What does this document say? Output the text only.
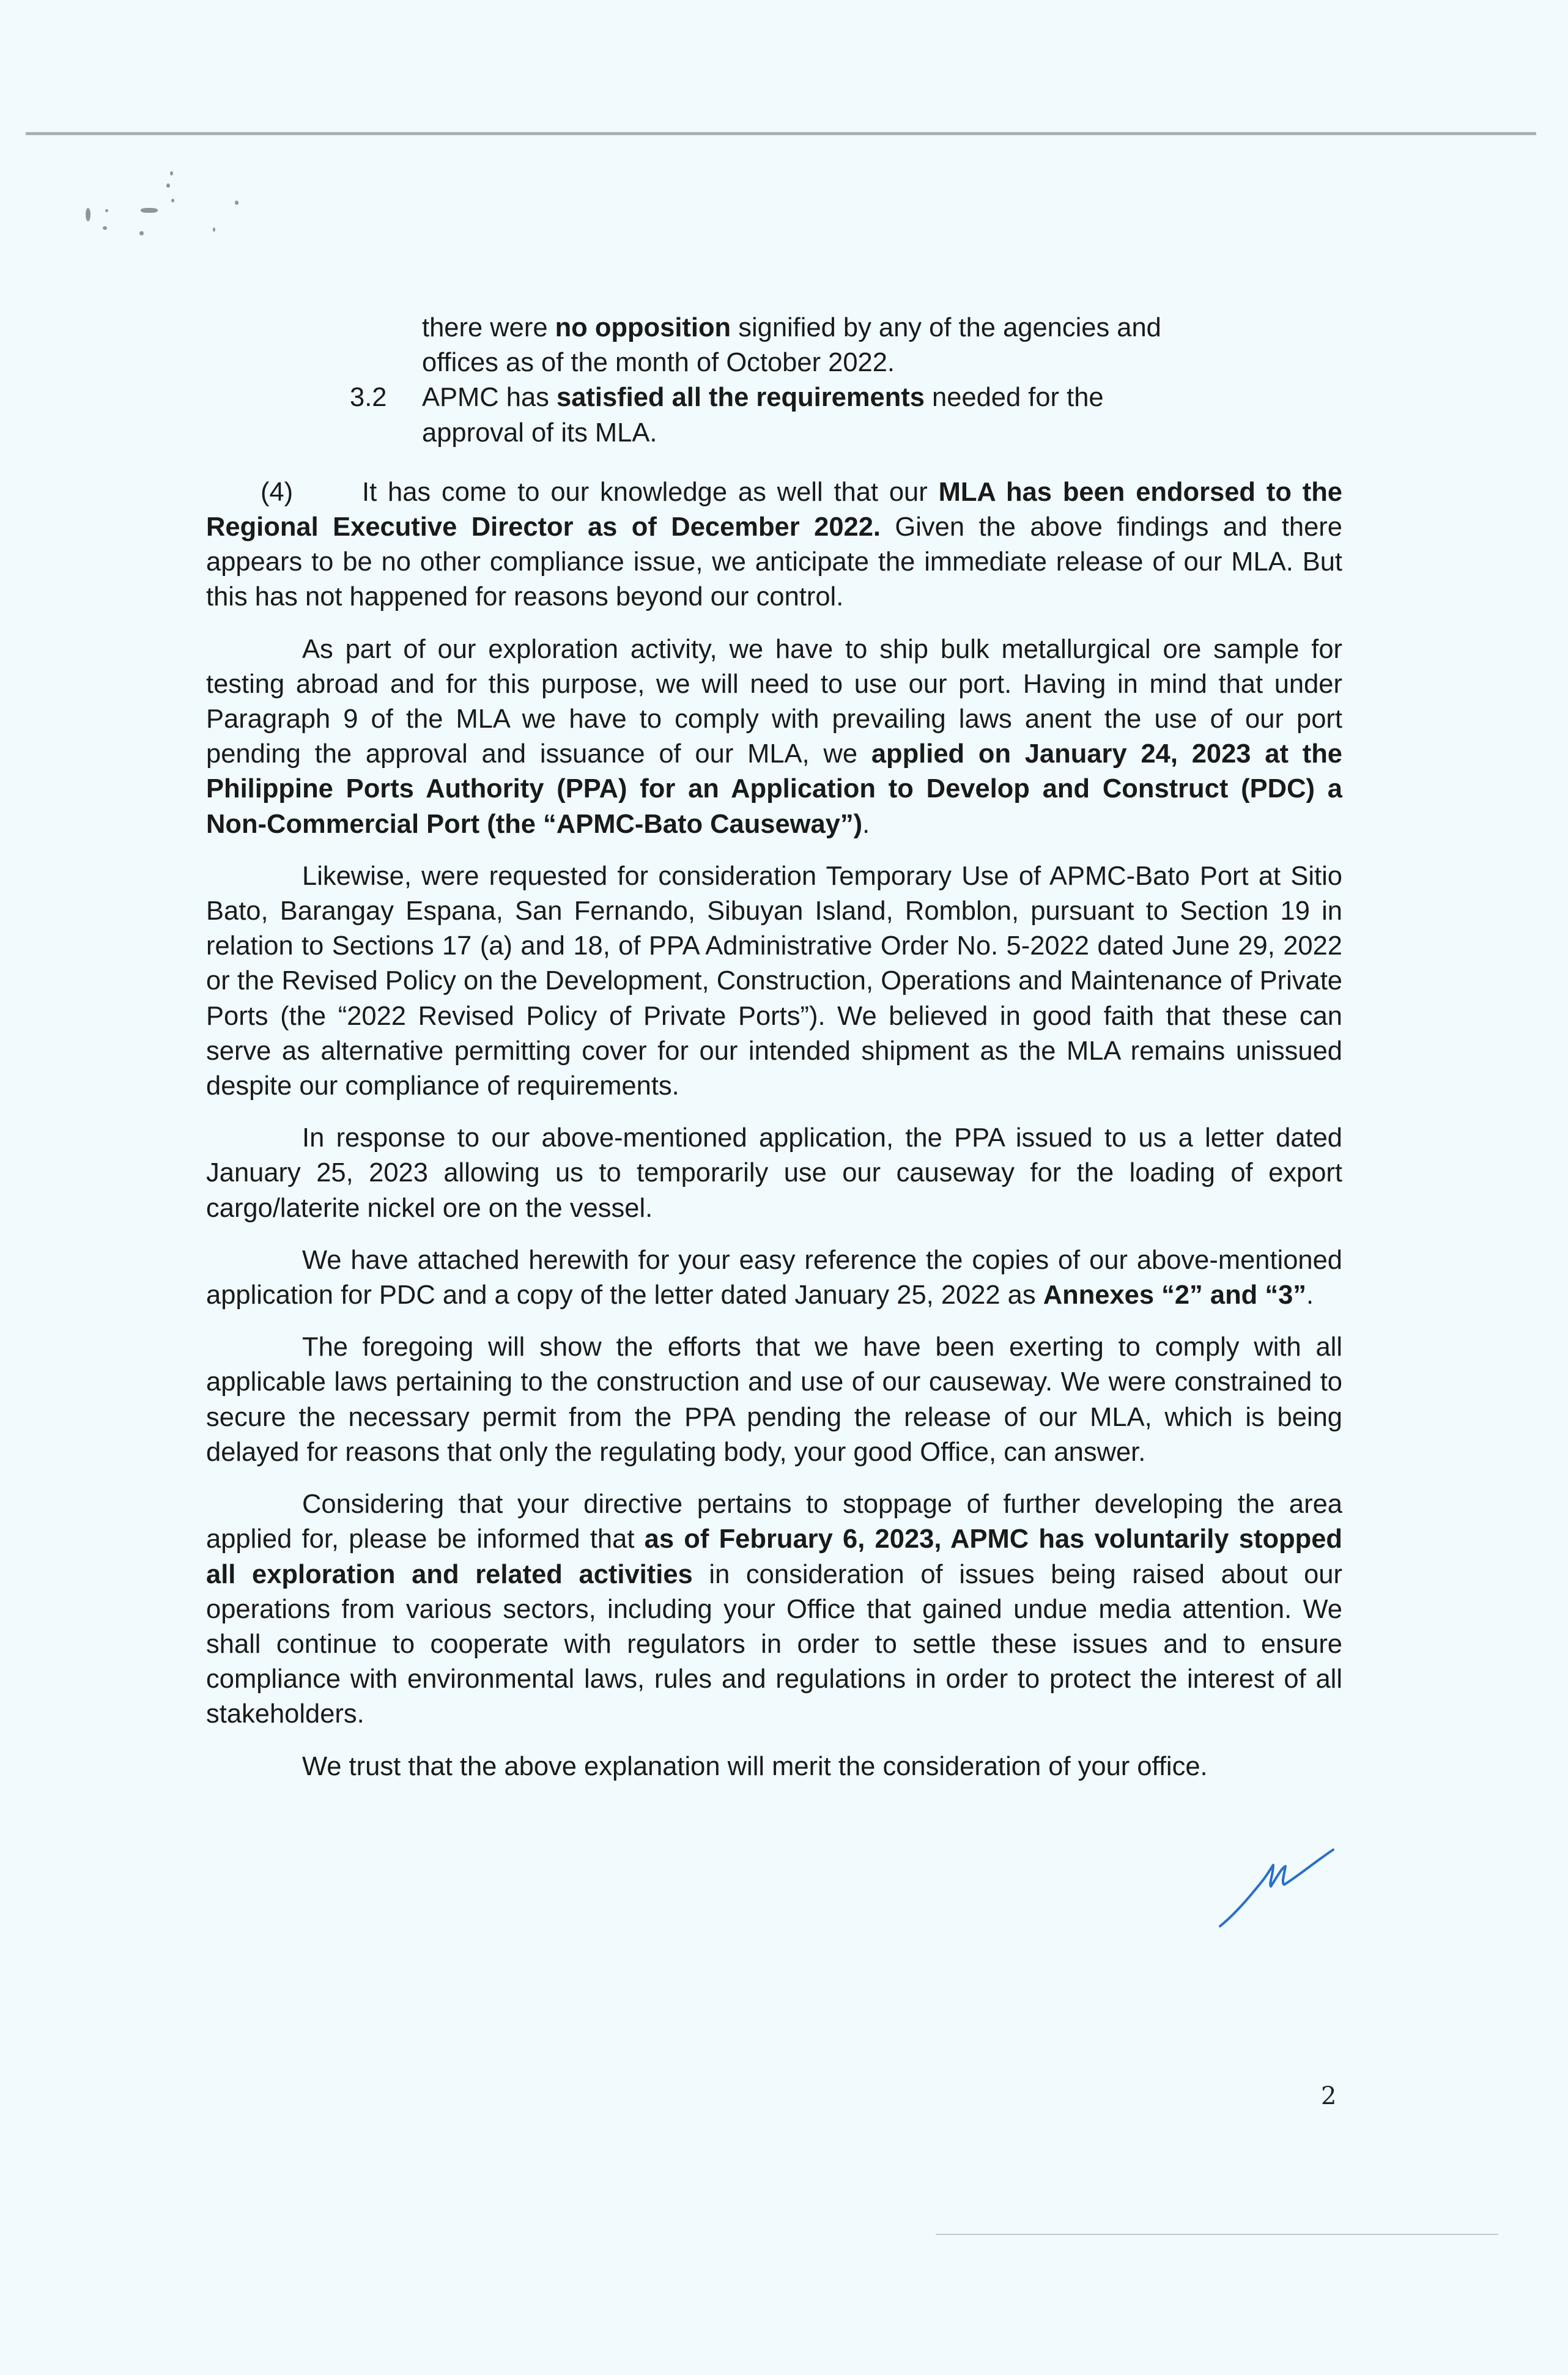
there were no opposition signified by any of the agencies and offices as of the month of October 2022.
3.2	APMC has satisfied all the requirements needed for the approval of its MLA.

(4)	It has come to our knowledge as well that our MLA has been endorsed to the Regional Executive Director as of December 2022. Given the above findings and there appears to be no other compliance issue, we anticipate the immediate release of our MLA. But this has not happened for reasons beyond our control.

As part of our exploration activity, we have to ship bulk metallurgical ore sample for testing abroad and for this purpose, we will need to use our port. Having in mind that under Paragraph 9 of the MLA we have to comply with prevailing laws anent the use of our port pending the approval and issuance of our MLA, we applied on January 24, 2023 at the Philippine Ports Authority (PPA) for an Application to Develop and Construct (PDC) a Non-Commercial Port (the “APMC-Bato Causeway”).

Likewise, were requested for consideration Temporary Use of APMC-Bato Port at Sitio Bato, Barangay Espana, San Fernando, Sibuyan Island, Romblon, pursuant to Section 19 in relation to Sections 17 (a) and 18, of PPA Administrative Order No. 5-2022 dated June 29, 2022 or the Revised Policy on the Development, Construction, Operations and Maintenance of Private Ports (the “2022 Revised Policy of Private Ports”). We believed in good faith that these can serve as alternative permitting cover for our intended shipment as the MLA remains unissued despite our compliance of requirements.

In response to our above-mentioned application, the PPA issued to us a letter dated January 25, 2023 allowing us to temporarily use our causeway for the loading of export cargo/laterite nickel ore on the vessel.

We have attached herewith for your easy reference the copies of our above-mentioned application for PDC and a copy of the letter dated January 25, 2022 as Annexes “2” and “3”.

The foregoing will show the efforts that we have been exerting to comply with all applicable laws pertaining to the construction and use of our causeway. We were constrained to secure the necessary permit from the PPA pending the release of our MLA, which is being delayed for reasons that only the regulating body, your good Office, can answer.

Considering that your directive pertains to stoppage of further developing the area applied for, please be informed that as of February 6, 2023, APMC has voluntarily stopped all exploration and related activities in consideration of issues being raised about our operations from various sectors, including your Office that gained undue media attention. We shall continue to cooperate with regulators in order to settle these issues and to ensure compliance with environmental laws, rules and regulations in order to protect the interest of all stakeholders.

We trust that the above explanation will merit the consideration of your office.

2
